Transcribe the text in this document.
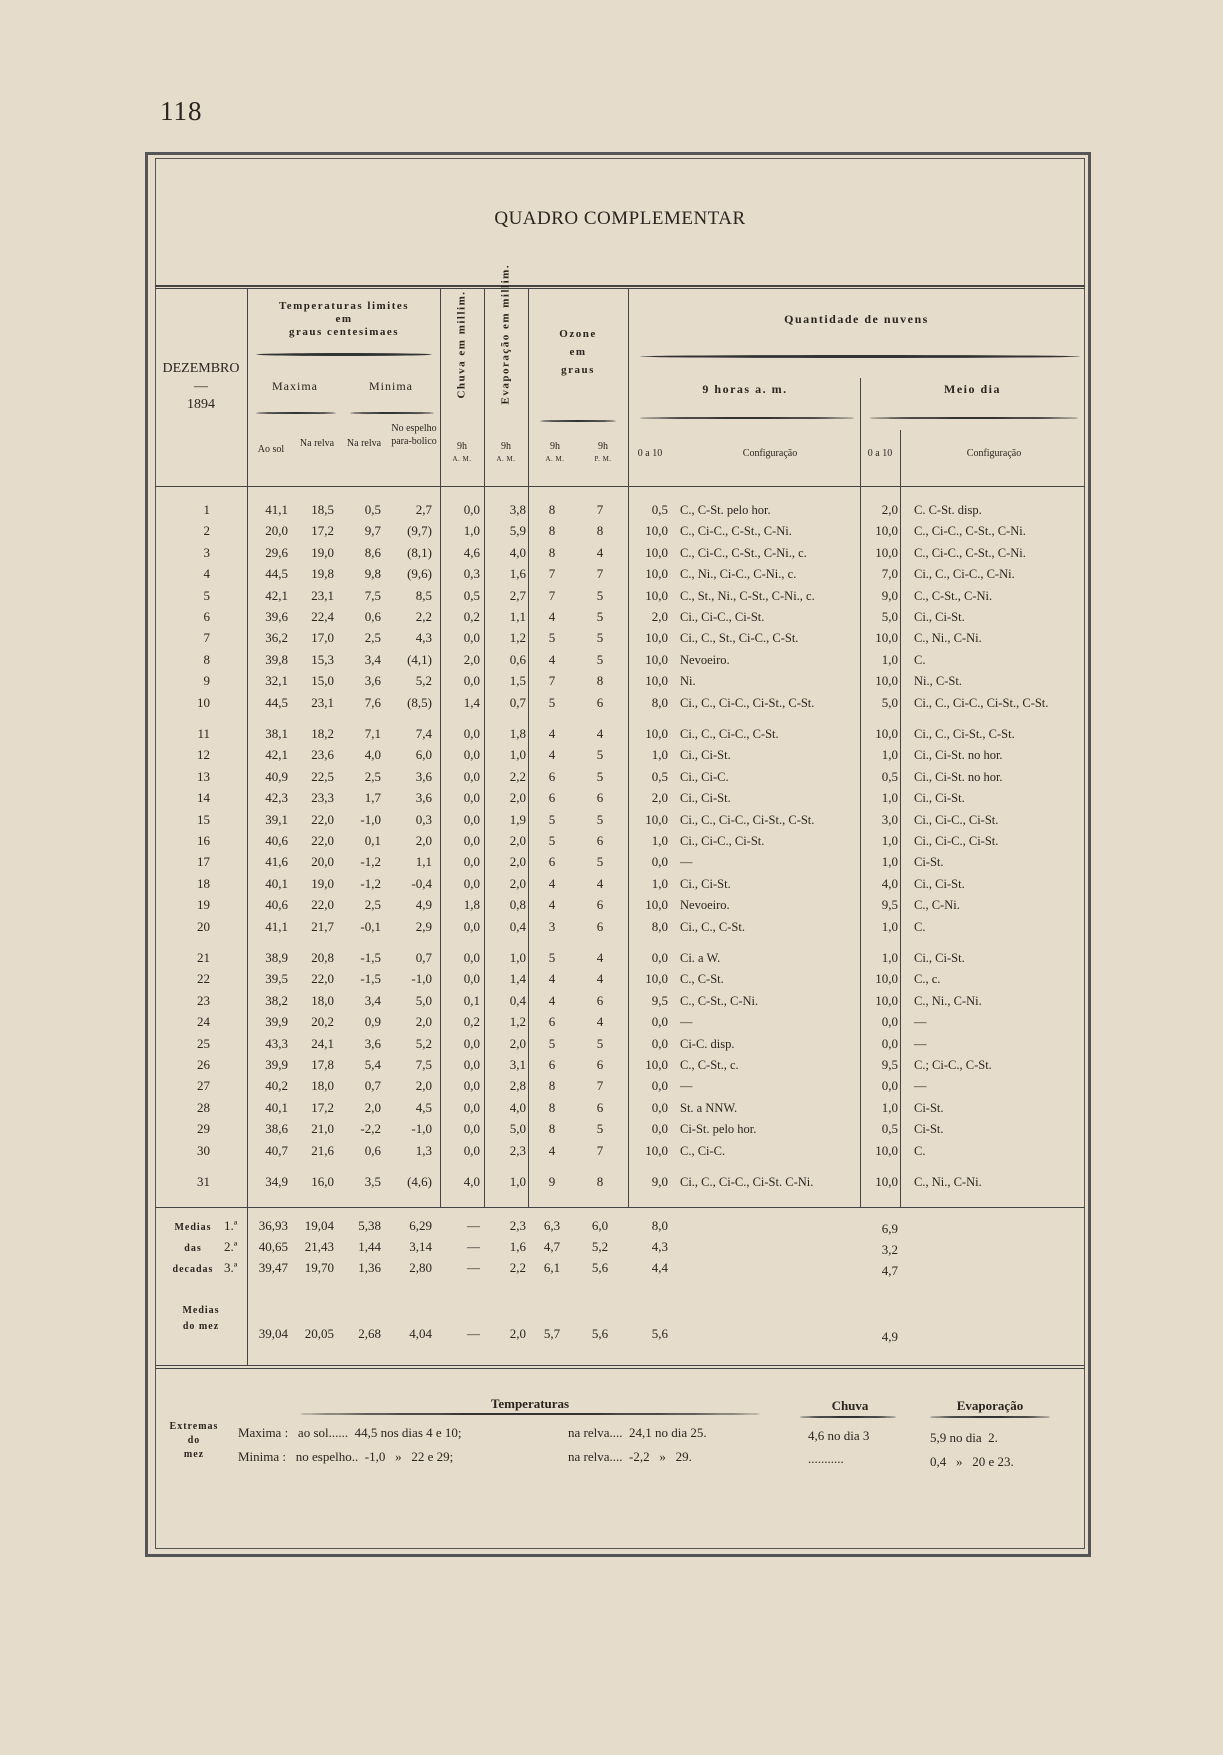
118
QUADRO COMPLEMENTAR
DEZEMBRO
—
1894
Temperaturas limites
em
graus centesimaes
Maxima	Minima
Ao sol
Na relva Na relva
No espelho para-bolico
Chuva em millim.	Evaporação em millim.	Ozone
em
graus
Quantidade de nuvens
9 horas a. m.	Meio dia
9h
A. M.
9h
A. M.
9h
A. M.
9h
P. M.	0 a 10	Configuração	0 a 10	Configuração
1	41,1	18,5	0,5	2,7	0,0	3,8	8	7	0,5 C., C-St. pelo hor.	2,0 C. C-St. disp.
2	20,0	17,2	9,7	(9,7)	1,0	5,9	8	8	10,0 C., Ci-C., C-St., C-Ni.	10,0 C., Ci-C., C-St., C-Ni.
3	29,6	19,0	8,6	(8,1)	4,6	4,0	8	4	10,0 C., Ci-C., C-St., C-Ni., c.	10,0 C., Ci-C., C-St., C-Ni.
4	44,5	19,8	9,8	(9,6)	0,3	1,6	7	7	10,0 C., Ni., Ci-C., C-Ni., c.	7,0 Ci., C., Ci-C., C-Ni.
5	42,1	23,1	7,5	8,5	0,5	2,7	7	5	10,0 C., St., Ni., C-St., C-Ni., c.	9,0 C., C-St., C-Ni.
6	39,6	22,4	0,6	2,2	0,2	1,1	4	5	2,0 Ci., Ci-C., Ci-St.	5,0 Ci., Ci-St.
7	36,2	17,0	2,5	4,3	0,0	1,2	5	5	10,0 Ci., C., St., Ci-C., C-St.	10,0 C., Ni., C-Ni.
8	39,8	15,3	3,4	(4,1)	2,0	0,6	4	5	10,0 Nevoeiro.	1,0 C.
9	32,1	15,0	3,6	5,2	0,0	1,5	7	8	10,0 Ni.	10,0 Ni., C-St.
10	44,5	23,1	7,6	(8,5)	1,4	0,7	5	6	8,0 Ci., C., Ci-C., Ci-St., C-St.	5,0 Ci., C., Ci-C., Ci-St., C-St.
11	38,1	18,2	7,1	7,4	0,0	1,8	4	4	10,0 Ci., C., Ci-C., C-St.	10,0 Ci., C., Ci-St., C-St.
12	42,1	23,6	4,0	6,0	0,0	1,0	4	5	1,0 Ci., Ci-St.	1,0 Ci., Ci-St. no hor.
13	40,9	22,5	2,5	3,6	0,0	2,2	6	5	0,5 Ci., Ci-C.	0,5 Ci., Ci-St. no hor.
14	42,3	23,3	1,7	3,6	0,0	2,0	6	6	2,0 Ci., Ci-St.	1,0 Ci., Ci-St.
15	39,1	22,0	-1,0	0,3	0,0	1,9	5	5	10,0 Ci., C., Ci-C., Ci-St., C-St.	3,0 Ci., Ci-C., Ci-St.
16	40,6	22,0	0,1	2,0	0,0	2,0	5	6	1,0 Ci., Ci-C., Ci-St.	1,0 Ci., Ci-C., Ci-St.
17	41,6	20,0	-1,2	1,1	0,0	2,0	6	5	0,0 —	1,0 Ci-St.
18	40,1	19,0	-1,2	-0,4	0,0	2,0	4	4	1,0 Ci., Ci-St.	4,0 Ci., Ci-St.
19	40,6	22,0	2,5	4,9	1,8	0,8	4	6	10,0 Nevoeiro.	9,5 C., C-Ni.
20	41,1	21,7	-0,1	2,9	0,0	0,4	3	6	8,0 Ci., C., C-St.	1,0 C.
21	38,9	20,8	-1,5	0,7	0,0	1,0	5	4	0,0 Ci. a W.	1,0 Ci., Ci-St.
22	39,5	22,0	-1,5	-1,0	0,0	1,4	4	4	10,0 C., C-St.	10,0 C., c.
23	38,2	18,0	3,4	5,0	0,1	0,4	4	6	9,5 C., C-St., C-Ni.	10,0 C., Ni., C-Ni.
24	39,9	20,2	0,9	2,0	0,2	1,2	6	4	0,0 —	0,0 —
25	43,3	24,1	3,6	5,2	0,0	2,0	5	5	0,0 Ci-C. disp.	0,0 —
26	39,9	17,8	5,4	7,5	0,0	3,1	6	6	10,0 C., C-St., c.	9,5 C.; Ci-C., C-St.
27	40,2	18,0	0,7	2,0	0,0	2,8	8	7	0,0 —	0,0 —
28	40,1	17,2	2,0	4,5	0,0	4,0	8	6	0,0 St. a NNW.	1,0 Ci-St.
29	38,6	21,0	-2,2	-1,0	0,0	5,0	8	5	0,0 Ci-St. pelo hor.	0,5 Ci-St.
30	40,7	21,6	0,6	1,3	0,0	2,3	4	7	10,0 C., Ci-C.	10,0 C.
31	34,9	16,0	3,5	(4,6)	4,0	1,0	9	8	9,0 Ci., C., Ci-C., Ci-St. C-Ni.	10,0 C., Ni., C-Ni.
Medias
das
decadas
1.ª	36,93	19,04	5,38	6,29	—	2,3	6,3	6,0	8,0	6,9
2.ª	40,65	21,43	1,44	3,14	—	1,6	4,7	5,2	4,3	3,2
3.ª	39,47	19,70	1,36	2,80	—	2,2	6,1	5,6	4,4	4,7
Medias
do mez	39,04	20,05	2,68	4,04	—	2,0	5,7	5,6	5,6	4,9
Extremas
do
mez
Temperaturas	Chuva	Evaporação
Maxima :   ao sol......  44,5 nos dias 4 e 10;	na relva....  24,1 no dia 25.
Minima :   no espelho..  -1,0   »   22 e 29;	na relva....  -2,2   »   29.
4,6 no dia 3
...........
5,9 no dia  2.
0,4   »   20 e 23.
